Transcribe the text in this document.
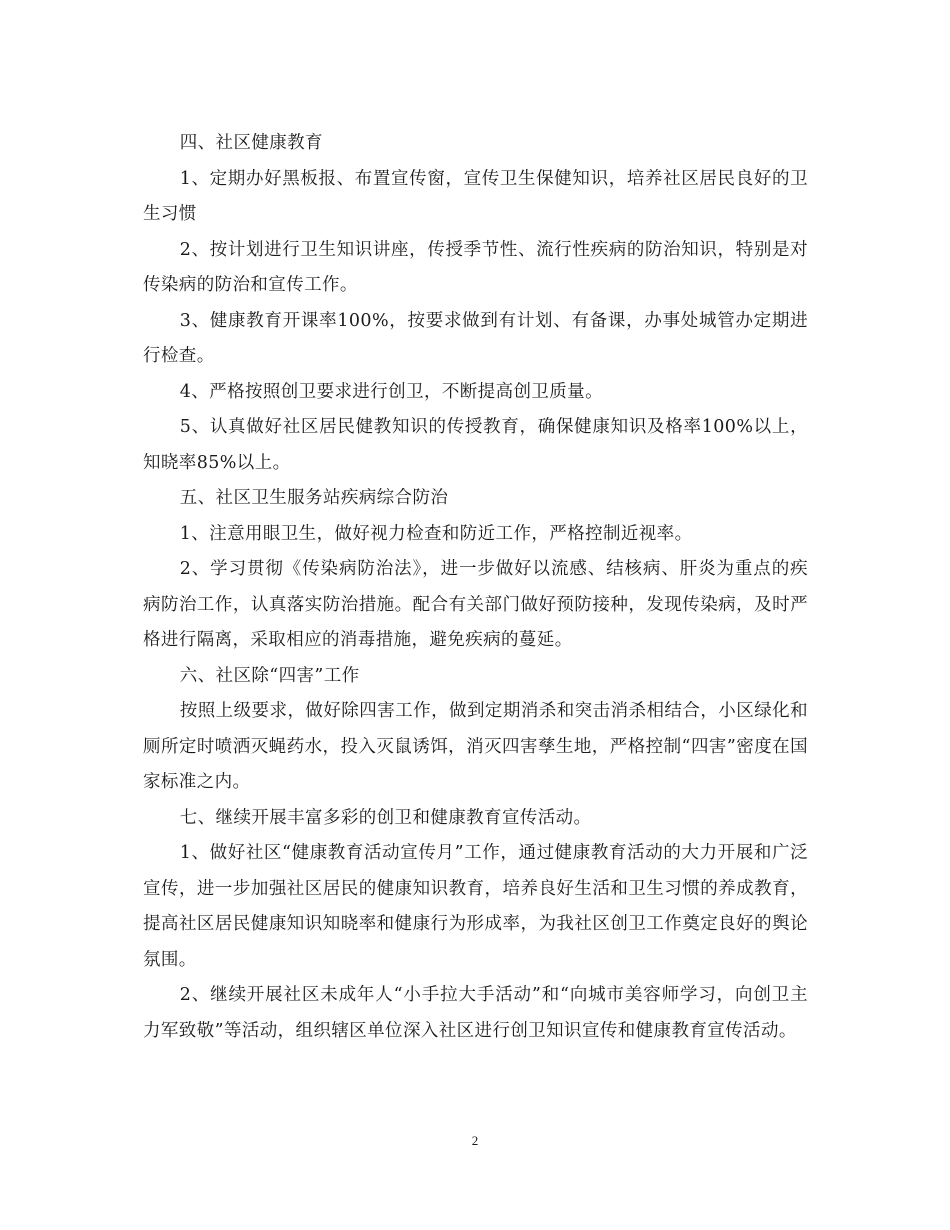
四、社区健康教育

1、定期办好黑板报、布置宣传窗，宣传卫生保健知识，培养社区居民良好的卫生习惯

2、按计划进行卫生知识讲座，传授季节性、流行性疾病的防治知识，特别是对传染病的防治和宣传工作。

3、健康教育开课率100%，按要求做到有计划、有备课，办事处城管办定期进行检查。

4、严格按照创卫要求进行创卫，不断提高创卫质量。

5、认真做好社区居民健教知识的传授教育，确保健康知识及格率100%以上，知晓率85%以上。

五、社区卫生服务站疾病综合防治

1、注意用眼卫生，做好视力检查和防近工作，严格控制近视率。

2、学习贯彻《传染病防治法》，进一步做好以流感、结核病、肝炎为重点的疾病防治工作，认真落实防治措施。配合有关部门做好预防接种，发现传染病，及时严格进行隔离，采取相应的消毒措施，避免疾病的蔓延。

六、社区除“四害”工作

按照上级要求，做好除四害工作，做到定期消杀和突击消杀相结合，小区绿化和厕所定时喷洒灭蝇药水，投入灭鼠诱饵，消灭四害孳生地，严格控制“四害”密度在国家标准之内。

七、继续开展丰富多彩的创卫和健康教育宣传活动。

1、做好社区“健康教育活动宣传月”工作，通过健康教育活动的大力开展和广泛宣传，进一步加强社区居民的健康知识教育，培养良好生活和卫生习惯的养成教育，提高社区居民健康知识知晓率和健康行为形成率，为我社区创卫工作奠定良好的舆论氛围。

2、继续开展社区未成年人“小手拉大手活动”和“向城市美容师学习，向创卫主力军致敬”等活动，组织辖区单位深入社区进行创卫知识宣传和健康教育宣传活动。

2
